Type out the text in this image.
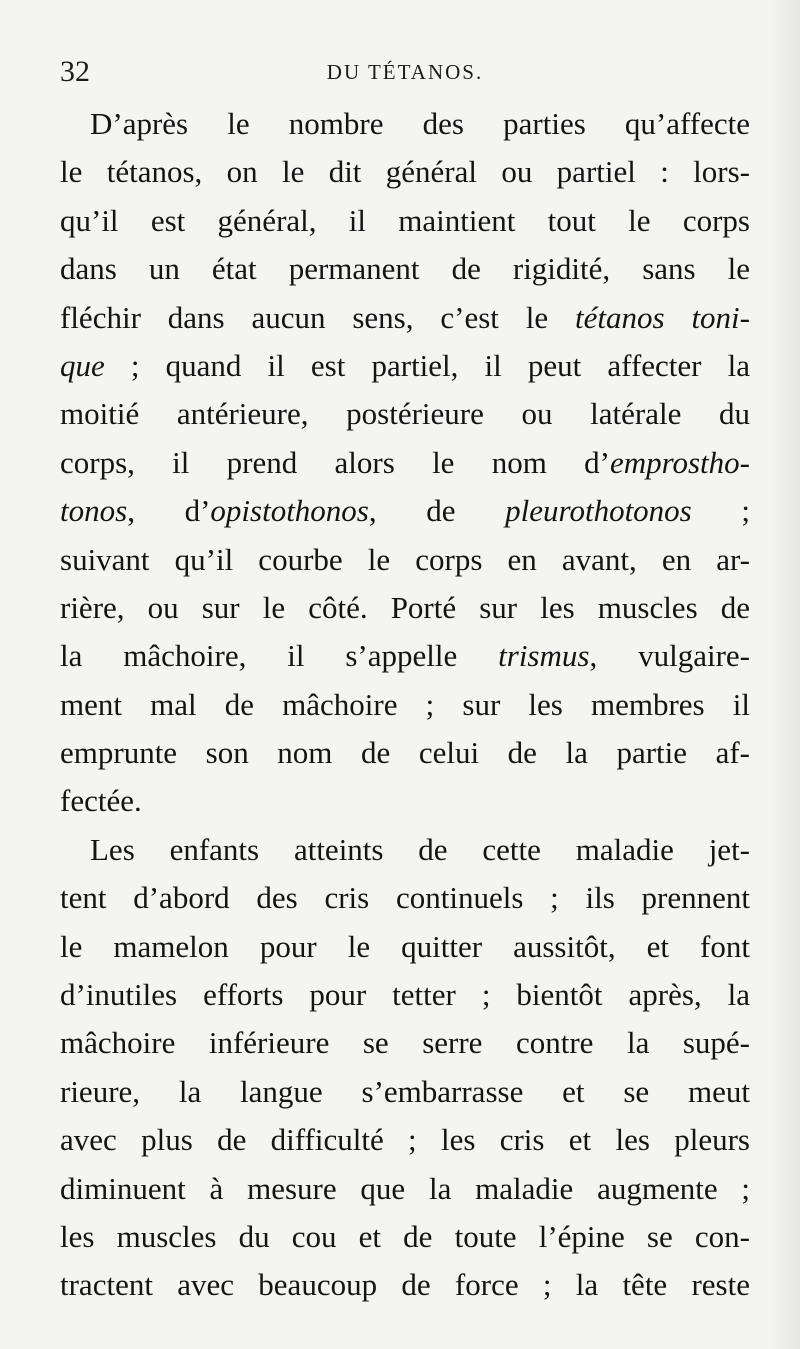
32	DU TÉTANOS.
D’après le nombre des parties qu’affecte
le tétanos, on le dit général ou partiel : lors-
qu’il est général, il maintient tout le corps
dans un état permanent de rigidité, sans le
fléchir dans aucun sens, c’est le tétanos toni-
que ; quand il est partiel, il peut affecter la
moitié antérieure, postérieure ou latérale du
corps, il prend alors le nom d’emprostho-
tonos, d’opistothonos, de pleurothotonos ;
suivant qu’il courbe le corps en avant, en ar-
rière, ou sur le côté. Porté sur les muscles de
la mâchoire, il s’appelle trismus, vulgaire-
ment mal de mâchoire ; sur les membres il
emprunte son nom de celui de la partie af-
fectée.
Les enfants atteints de cette maladie jet-
tent d’abord des cris continuels ; ils prennent
le mamelon pour le quitter aussitôt, et font
d’inutiles efforts pour tetter ; bientôt après, la
mâchoire inférieure se serre contre la supé-
rieure, la langue s’embarrasse et se meut
avec plus de difficulté ; les cris et les pleurs
diminuent à mesure que la maladie augmente ;
les muscles du cou et de toute l’épine se con-
tractent avec beaucoup de force ; la tête reste
